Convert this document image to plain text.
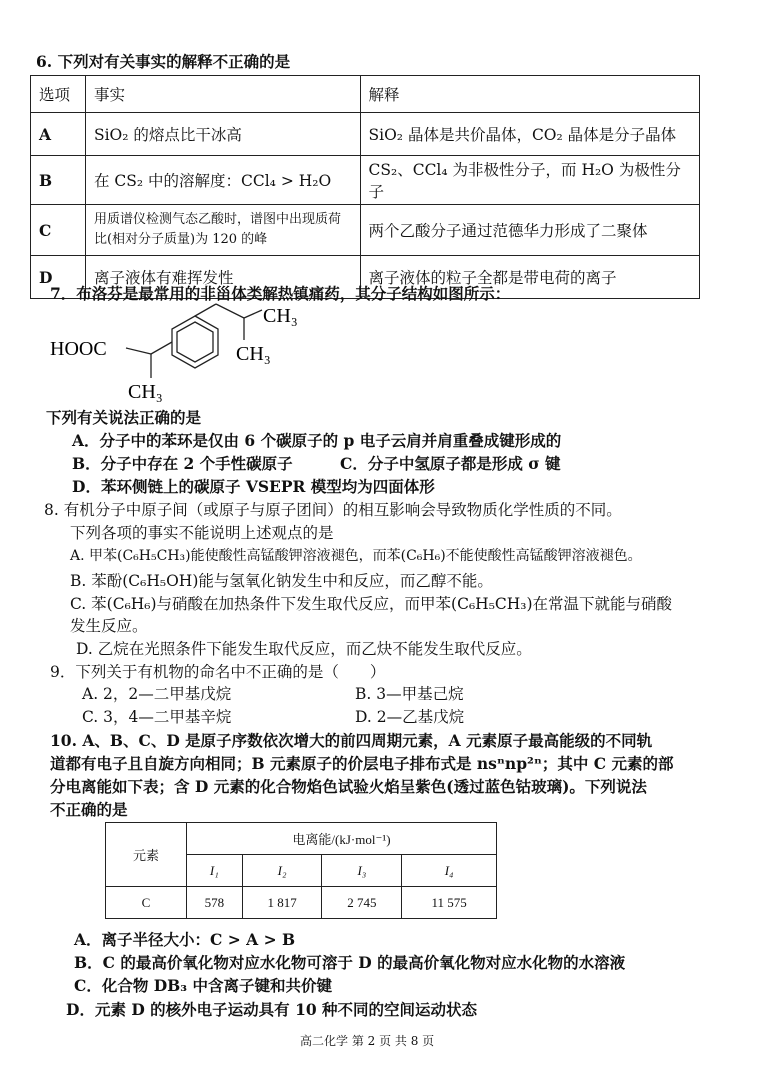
6. 下列对有关事实的解释不正确的是
选项	事实	解释
A	SiO₂ 的熔点比干冰高	SiO₂ 晶体是共价晶体，CO₂ 晶体是分子晶体
B	在 CS₂ 中的溶解度：CCl₄ > H₂O	CS₂、CCl₄ 为非极性分子，而 H₂O 为极性分子
C	用质谱仪检测气态乙酸时，谱图中出现质荷比(相对分子质量)为 120 的峰	两个乙酸分子通过范德华力形成了二聚体
D	离子液体有难挥发性	离子液体的粒子全都是带电荷的离子
7．布洛芬是最常用的非甾体类解热镇痛药，其分子结构如图所示：
HOOC
CH₃
CH₃
CH₃
下列有关说法正确的是
A．分子中的苯环是仅由 6 个碳原子的 p 电子云肩并肩重叠成键形成的
B．分子中存在 2 个手性碳原子	C．分子中氢原子都是形成 σ 键
D．苯环侧链上的碳原子 VSEPR 模型均为四面体形
8. 有机分子中原子间（或原子与原子团间）的相互影响会导致物质化学性质的不同。
下列各项的事实不能说明上述观点的是
A. 甲苯(C₆H₅CH₃)能使酸性高锰酸钾溶液褪色，而苯(C₆H₆)不能使酸性高锰酸钾溶液褪色。
B. 苯酚(C₆H₅OH)能与氢氧化钠发生中和反应，而乙醇不能。
C. 苯(C₆H₆)与硝酸在加热条件下发生取代反应，而甲苯(C₆H₅CH₃)在常温下就能与硝酸
发生反应。
D. 乙烷在光照条件下能发生取代反应，而乙炔不能发生取代反应。
9．下列关于有机物的命名中不正确的是（　　）
A. 2，2—二甲基戊烷	B. 3—甲基己烷
C. 3，4—二甲基辛烷	D. 2—乙基戊烷
10. A、B、C、D 是原子序数依次增大的前四周期元素，A 元素原子最高能级的不同轨
道都有电子且自旋方向相同；B 元素原子的价层电子排布式是 nsⁿnp²ⁿ；其中 C 元素的部
分电离能如下表；含 D 元素的化合物焰色试验火焰呈紫色(透过蓝色钴玻璃)。下列说法
不正确的是
元素	电离能/(kJ·mol⁻¹)			
	I₁	I₂	I₃	I₄
C	578	1 817	2 745	11 575
A．离子半径大小：C > A > B
B．C 的最高价氧化物对应水化物可溶于 D 的最高价氧化物对应水化物的水溶液
C．化合物 DB₃ 中含离子键和共价键
D．元素 D 的核外电子运动具有 10 种不同的空间运动状态
高二化学 第 2 页 共 8 页
